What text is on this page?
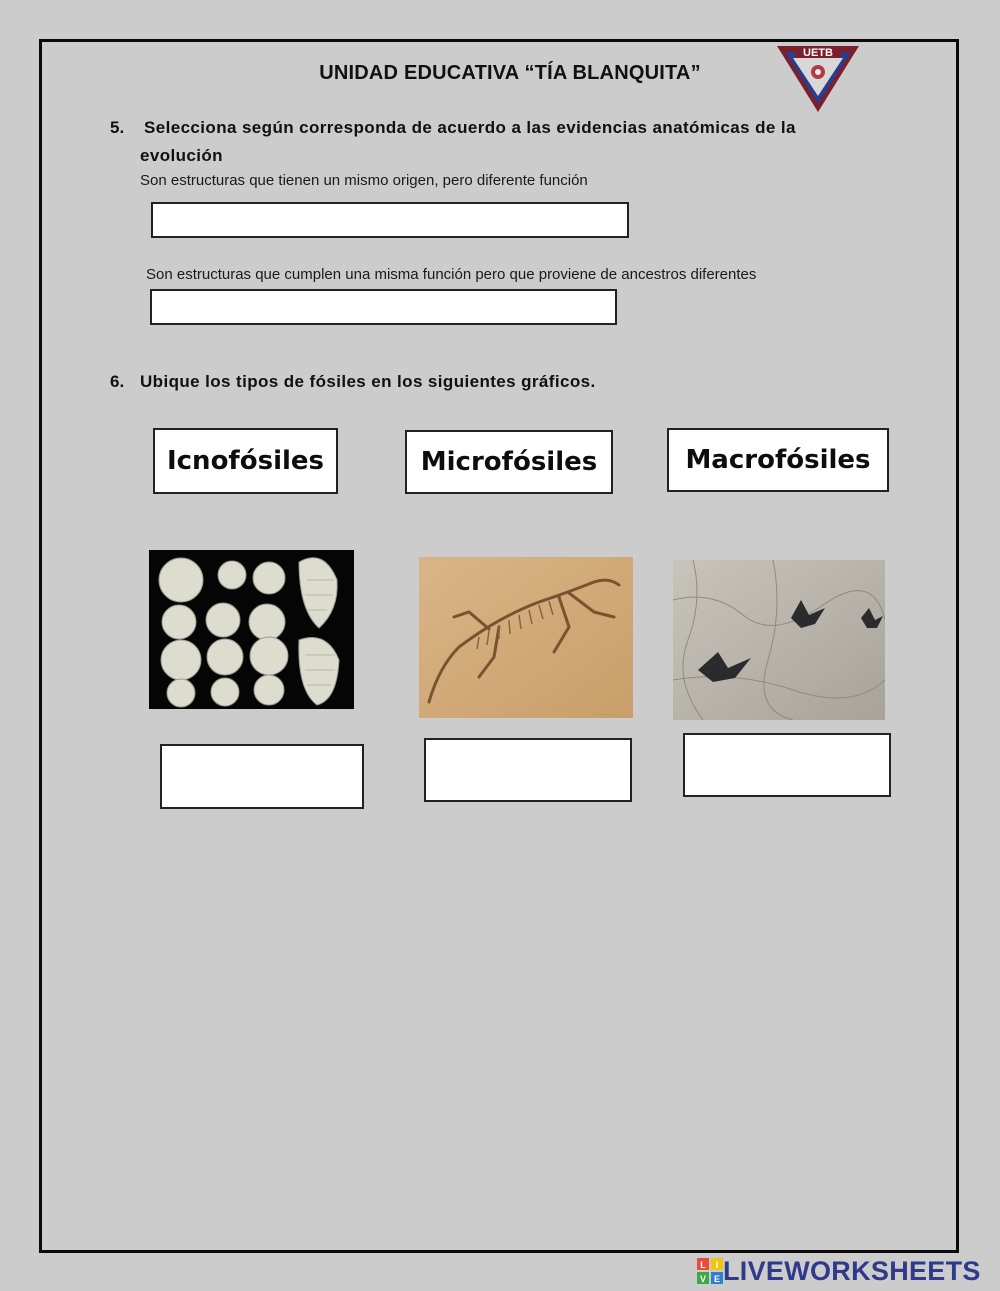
UNIDAD EDUCATIVA “TÍA BLANQUITA”
UETB
5. Selecciona según corresponda de acuerdo a las evidencias anatómicas de la
evolución
Son estructuras que tienen un mismo origen, pero diferente función
Son estructuras que cumplen una misma función pero que proviene de ancestros diferentes
6. Ubique los tipos de fósiles en los siguientes gráficos.
Icnofósiles	Microfósiles	Macrofósiles
. . . . .
L I
V E LIVEWORKSHEETS
